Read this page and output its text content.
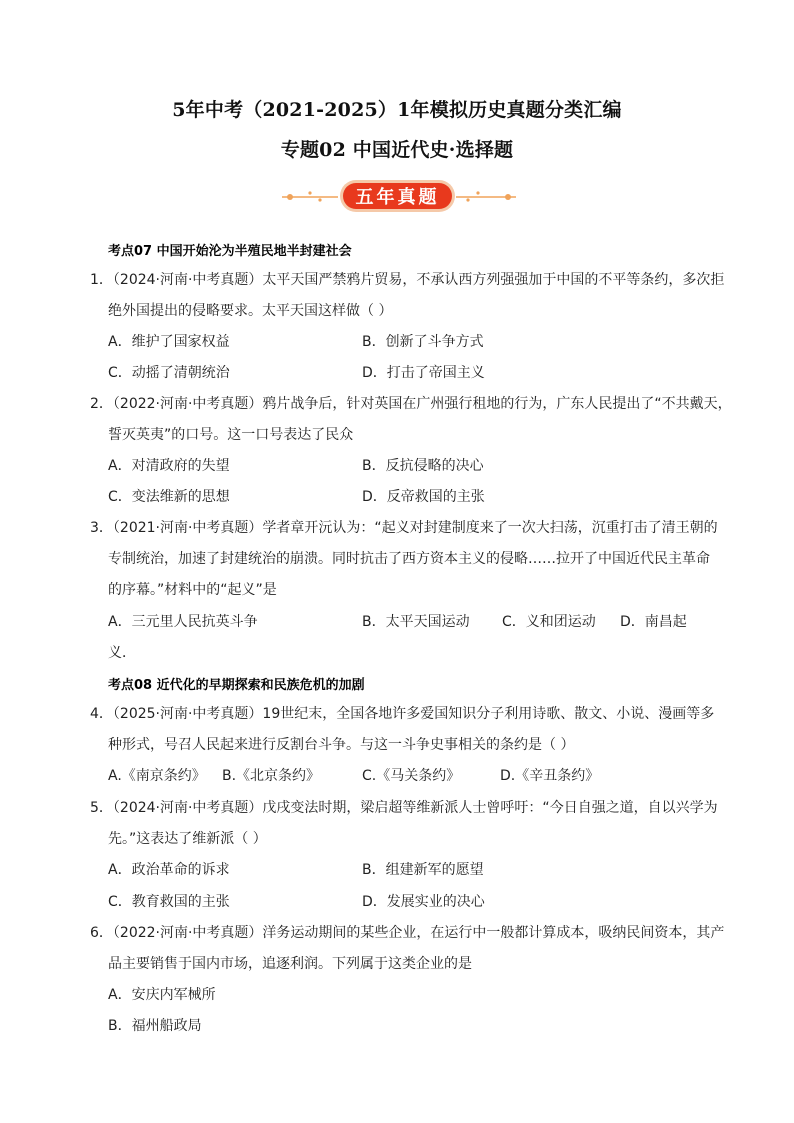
5年中考（2021-2025）1年模拟历史真题分类汇编
专题02 中国近代史·选择题
五年真题
考点07 中国开始沦为半殖民地半封建社会
1．（2024·河南·中考真题）太平天国严禁鸦片贸易，不承认西方列强强加于中国的不平等条约，多次拒
绝外国提出的侵略要求。太平天国这样做（ ）
A．维护了国家权益	B．创新了斗争方式
C．动摇了清朝统治	D．打击了帝国主义
2．（2022·河南·中考真题）鸦片战争后，针对英国在广州强行租地的行为，广东人民提出了“不共戴天，
誓灭英夷”的口号。这一口号表达了民众
A．对清政府的失望	B．反抗侵略的决心
C．变法维新的思想	D．反帝救国的主张
3．（2021·河南·中考真题）学者章开沅认为：“起义对封建制度来了一次大扫荡，沉重打击了清王朝的
专制统治，加速了封建统治的崩溃。同时抗击了西方资本主义的侵略……拉开了中国近代民主革命
的序幕。”材料中的“起义”是
A．三元里人民抗英斗争	B．太平天国运动 C．义和团运动 D．南昌起
义．
考点08 近代化的早期探索和民族危机的加剧
4．（2025·河南·中考真题）19世纪末，全国各地许多爱国知识分子利用诗歌、散文、小说、漫画等多
种形式，号召人民起来进行反割台斗争。与这一斗争史事相关的条约是（ ）
A.《南京条约》 B.《北京条约》	C.《马关条约》	D.《辛丑条约》
5．（2024·河南·中考真题）戊戌变法时期，梁启超等维新派人士曾呼吁：“今日自强之道，自以兴学为
先。”这表达了维新派（ ）
A．政治革命的诉求	B．组建新军的愿望
C．教育救国的主张	D．发展实业的决心
6．（2022·河南·中考真题）洋务运动期间的某些企业，在运行中一般都计算成本，吸纳民间资本，其产
品主要销售于国内市场，追逐利润。下列属于这类企业的是
A．安庆内军械所
B．福州船政局
